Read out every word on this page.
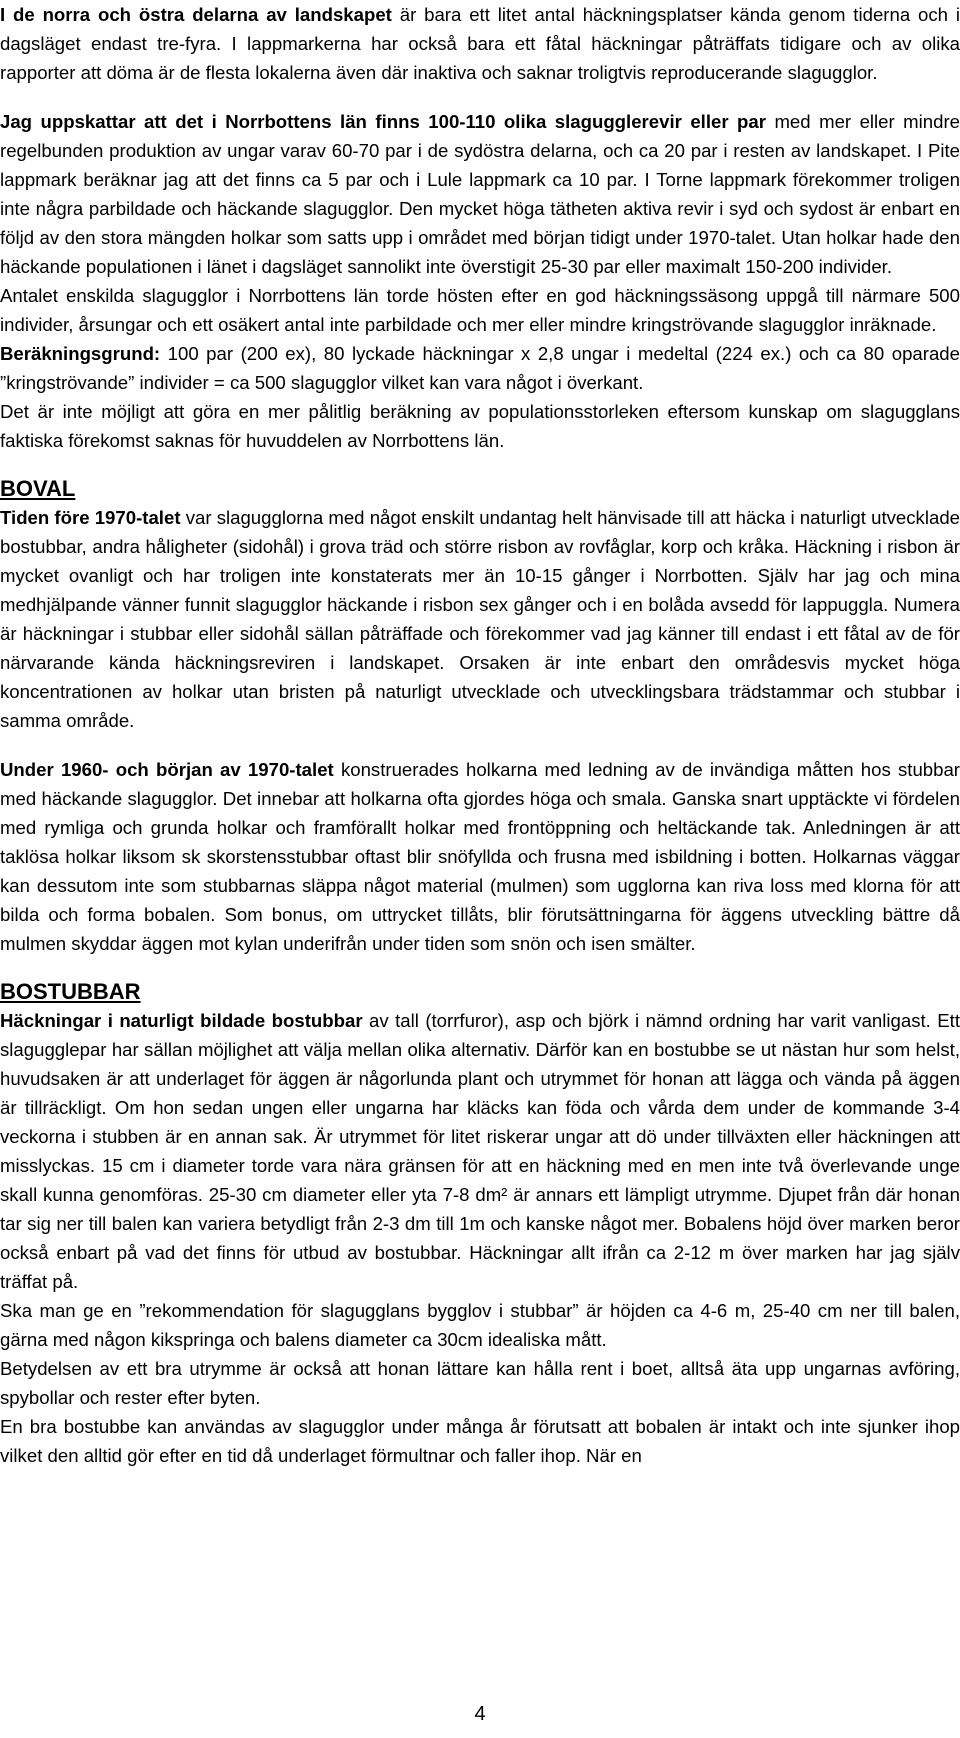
I de norra och östra delarna av landskapet är bara ett litet antal häckningsplatser kända genom tiderna och i dagsläget endast tre-fyra. I lappmarkerna har också bara ett fåtal häckningar påträffats tidigare och av olika rapporter att döma är de flesta lokalerna även där inaktiva och saknar troligtvis reproducerande slagugglor.

Jag uppskattar att det i Norrbottens län finns 100-110 olika slagugglerevir eller par med mer eller mindre regelbunden produktion av ungar varav 60-70 par i de sydöstra delarna, och ca 20 par i resten av landskapet. I Pite lappmark beräknar jag att det finns ca 5 par och i Lule lappmark ca 10 par. I Torne lappmark förekommer troligen inte några parbildade och häckande slagugglor. Den mycket höga tätheten aktiva revir i syd och sydost är enbart en följd av den stora mängden holkar som satts upp i området med början tidigt under 1970-talet. Utan holkar hade den häckande populationen i länet i dagsläget sannolikt inte överstigit 25-30 par eller maximalt 150-200 individer.

Antalet enskilda slagugglor i Norrbottens län torde hösten efter en god häckningssäsong uppgå till närmare 500 individer, årsungar och ett osäkert antal inte parbildade och mer eller mindre kringströvande slagugglor inräknade.

Beräkningsgrund: 100 par (200 ex), 80 lyckade häckningar x 2,8 ungar i medeltal (224 ex.) och ca 80 oparade ”kringströvande” individer = ca 500 slagugglor vilket kan vara något i överkant.

Det är inte möjligt att göra en mer pålitlig beräkning av populationsstorleken eftersom kunskap om slagugglans faktiska förekomst saknas för huvuddelen av Norrbottens län.

BOVAL

Tiden före 1970-talet var slagugglorna med något enskilt undantag helt hänvisade till att häcka i naturligt utvecklade bostubbar, andra håligheter (sidohål) i grova träd och större risbon av rovfåglar, korp och kråka. Häckning i risbon är mycket ovanligt och har troligen inte konstaterats mer än 10-15 gånger i Norrbotten. Själv har jag och mina medhjälpande vänner funnit slagugglor häckande i risbon sex gånger och i en bolåda avsedd för lappuggla. Numera är häckningar i stubbar eller sidohål sällan påträffade och förekommer vad jag känner till endast i ett fåtal av de för närvarande kända häckningsreviren i landskapet. Orsaken är inte enbart den områdesvis mycket höga koncentrationen av holkar utan bristen på naturligt utvecklade och utvecklingsbara trädstammar och stubbar i samma område.

Under 1960- och början av 1970-talet konstruerades holkarna med ledning av de invändiga måtten hos stubbar med häckande slagugglor. Det innebar att holkarna ofta gjordes höga och smala. Ganska snart upptäckte vi fördelen med rymliga och grunda holkar och framförallt holkar med frontöppning och heltäckande tak. Anledningen är att taklösa holkar liksom sk skorstensstubbar oftast blir snöfyllda och frusna med isbildning i botten. Holkarnas väggar kan dessutom inte som stubbarnas släppa något material (mulmen) som ugglorna kan riva loss med klorna för att bilda och forma bobalen. Som bonus, om uttrycket tillåts, blir förutsättningarna för äggens utveckling bättre då mulmen skyddar äggen mot kylan underifrån under tiden som snön och isen smälter.

BOSTUBBAR

Häckningar i naturligt bildade bostubbar av tall (torrfuror), asp och björk i nämnd ordning har varit vanligast. Ett slagugglepar har sällan möjlighet att välja mellan olika alternativ. Därför kan en bostubbe se ut nästan hur som helst, huvudsaken är att underlaget för äggen är någorlunda plant och utrymmet för honan att lägga och vända på äggen är tillräckligt. Om hon sedan ungen eller ungarna har kläcks kan föda och vårda dem under de kommande 3-4 veckorna i stubben är en annan sak. Är utrymmet för litet riskerar ungar att dö under tillväxten eller häckningen att misslyckas. 15 cm i diameter torde vara nära gränsen för att en häckning med en men inte två överlevande unge skall kunna genomföras. 25-30 cm diameter eller yta 7-8 dm² är annars ett lämpligt utrymme. Djupet från där honan tar sig ner till balen kan variera betydligt från 2-3 dm till 1m och kanske något mer. Bobalens höjd över marken beror också enbart på vad det finns för utbud av bostubbar. Häckningar allt ifrån ca 2-12 m över marken har jag själv träffat på.

Ska man ge en ”rekommendation för slagugglans bygglov i stubbar” är höjden ca 4-6 m, 25-40 cm ner till balen, gärna med någon kikspringa och balens diameter ca 30cm idealiska mått.

Betydelsen av ett bra utrymme är också att honan lättare kan hålla rent i boet, alltså äta upp ungarnas avföring, spybollar och rester efter byten.

En bra bostubbe kan användas av slagugglor under många år förutsatt att bobalen är intakt och inte sjunker ihop vilket den alltid gör efter en tid då underlaget förmultnar och faller ihop. När en

4
